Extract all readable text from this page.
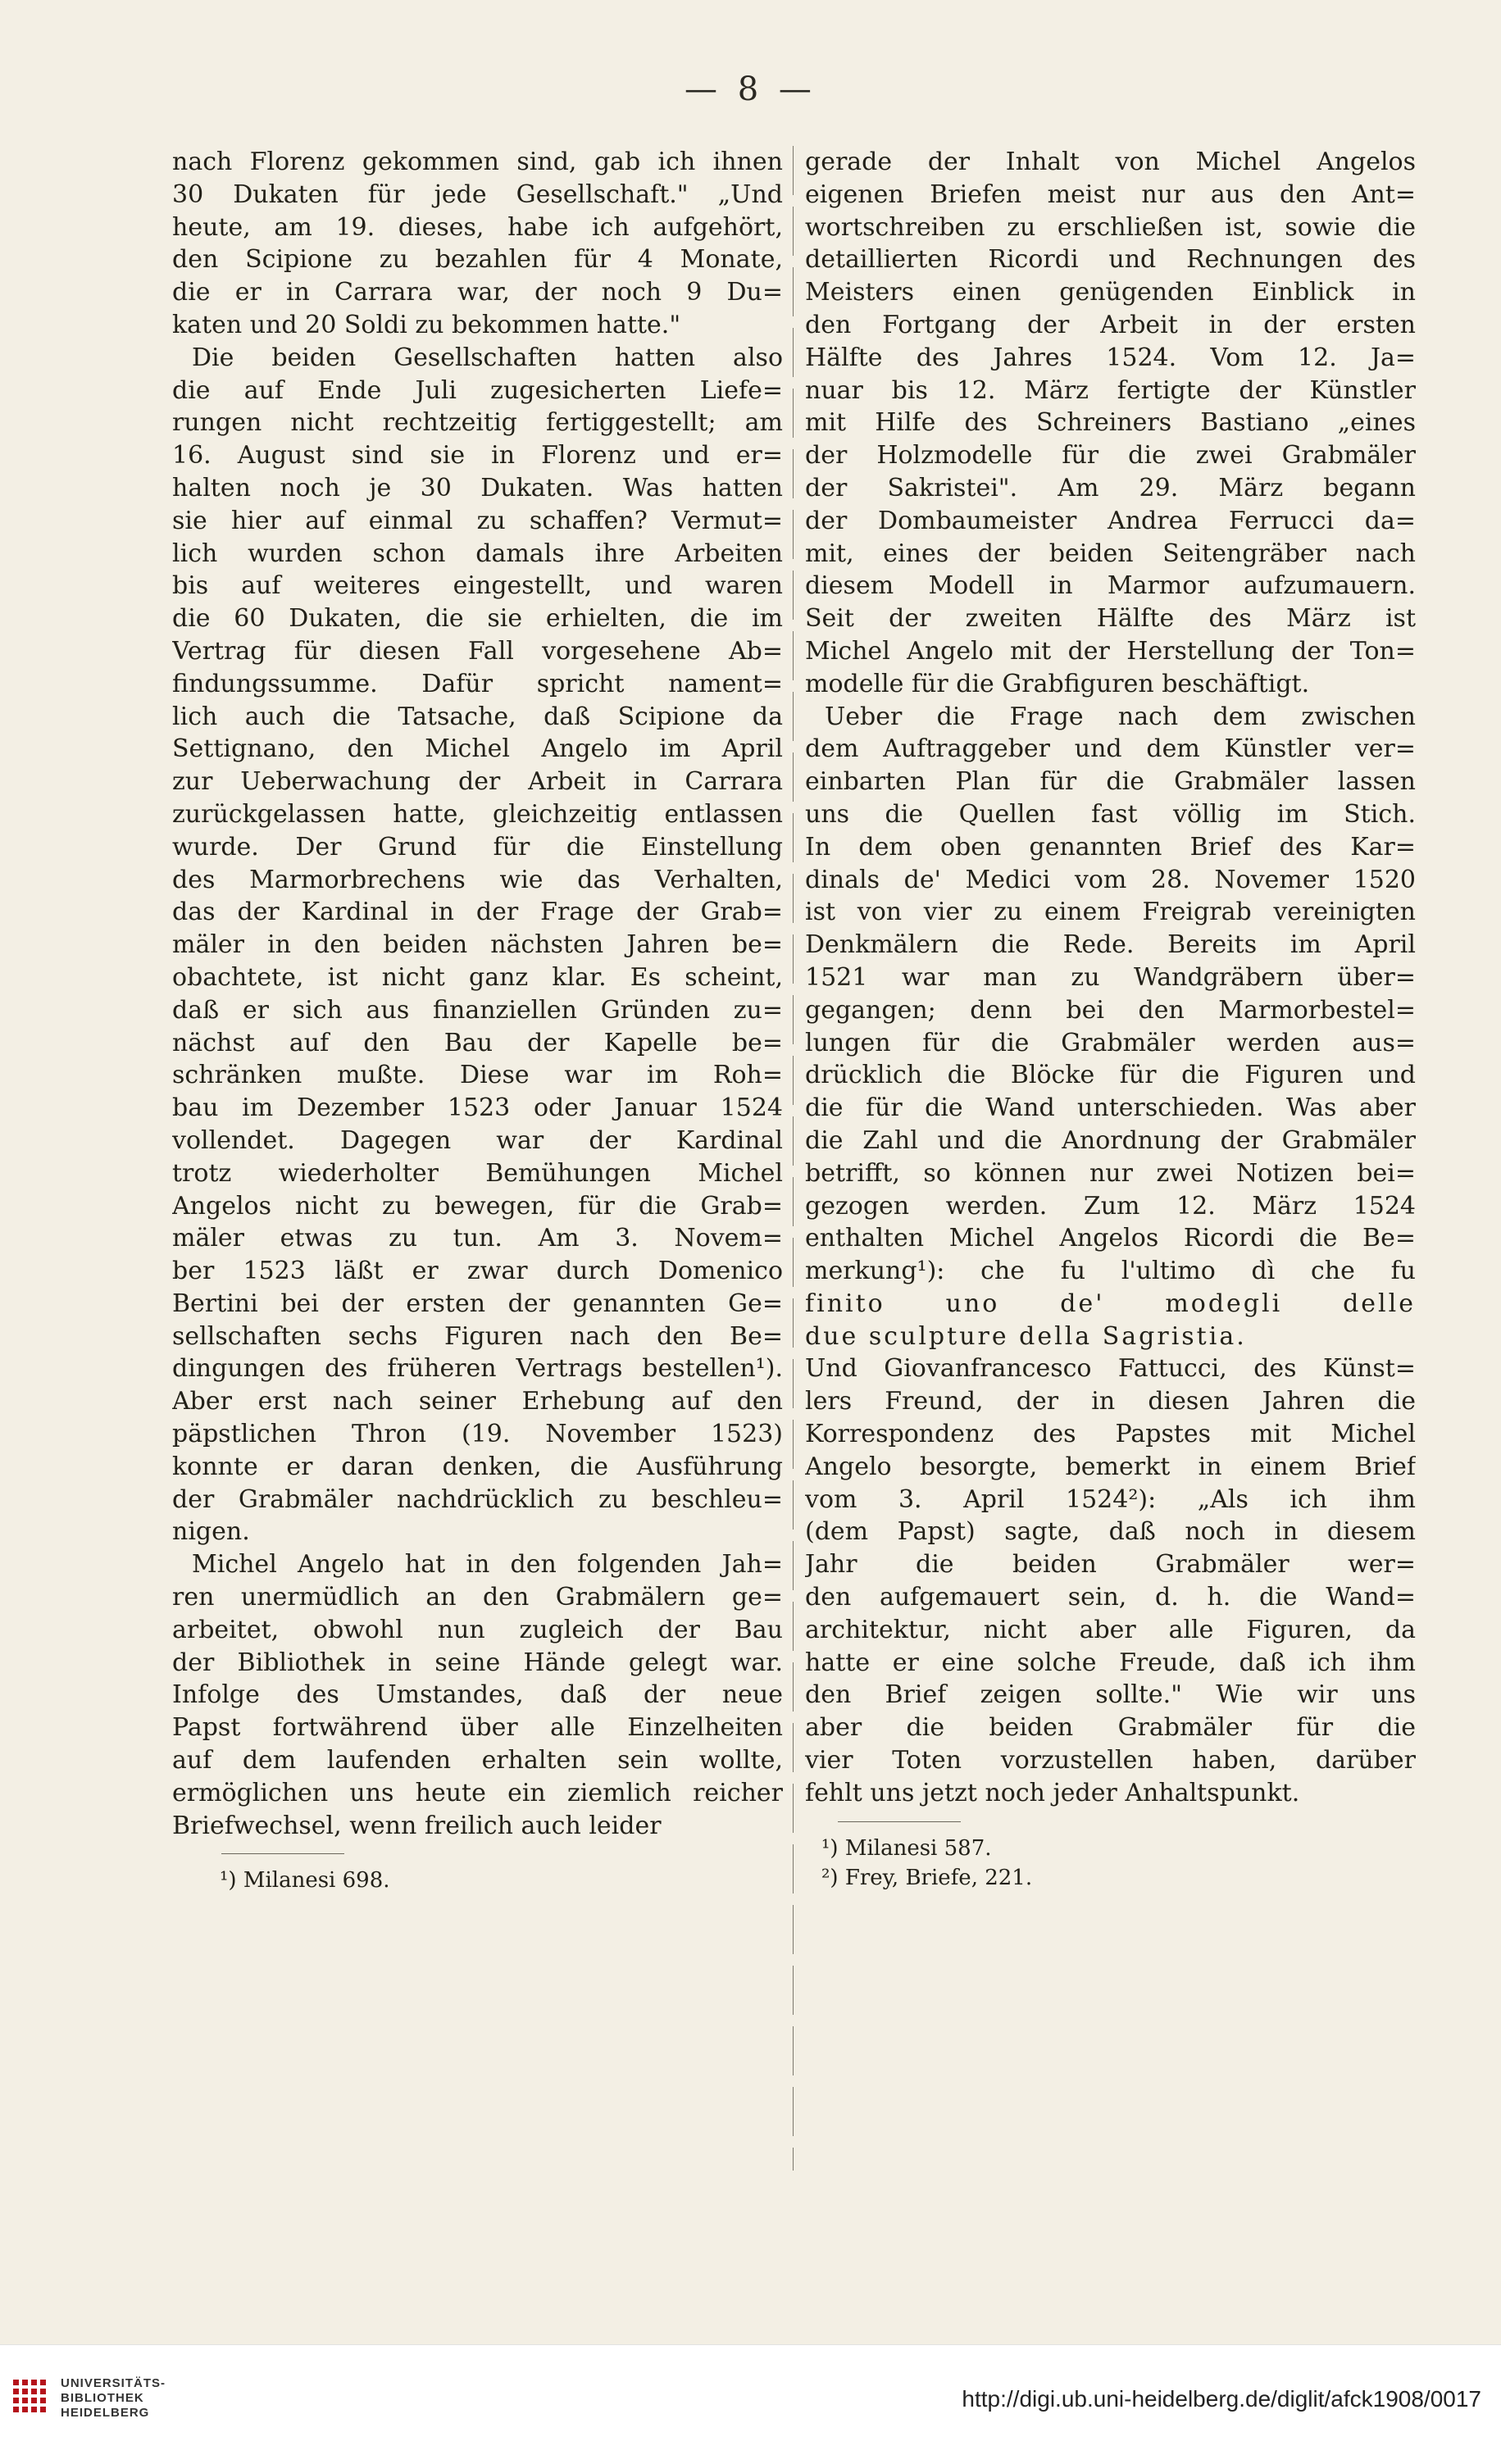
— 8 —
nach Florenz gekommen sind, gab ich ihnen
30 Dukaten für jede Gesellschaft." „Und
heute, am 19. dieses, habe ich aufgehört,
den Scipione zu bezahlen für 4 Monate,
die er in Carrara war, der noch 9 Du=
katen und 20 Soldi zu bekommen hatte."
Die beiden Gesellschaften hatten also
die auf Ende Juli zugesicherten Liefe=
rungen nicht rechtzeitig fertiggestellt; am
16. August sind sie in Florenz und er=
halten noch je 30 Dukaten. Was hatten
sie hier auf einmal zu schaffen? Vermut=
lich wurden schon damals ihre Arbeiten
bis auf weiteres eingestellt, und waren
die 60 Dukaten, die sie erhielten, die im
Vertrag für diesen Fall vorgesehene Ab=
findungssumme. Dafür spricht nament=
lich auch die Tatsache, daß Scipione da
Settignano, den Michel Angelo im April
zur Ueberwachung der Arbeit in Carrara
zurückgelassen hatte, gleichzeitig entlassen
wurde. Der Grund für die Einstellung
des Marmorbrechens wie das Verhalten,
das der Kardinal in der Frage der Grab=
mäler in den beiden nächsten Jahren be=
obachtete, ist nicht ganz klar. Es scheint,
daß er sich aus finanziellen Gründen zu=
nächst auf den Bau der Kapelle be=
schränken mußte. Diese war im Roh=
bau im Dezember 1523 oder Januar 1524
vollendet. Dagegen war der Kardinal
trotz wiederholter Bemühungen Michel
Angelos nicht zu bewegen, für die Grab=
mäler etwas zu tun. Am 3. Novem=
ber 1523 läßt er zwar durch Domenico
Bertini bei der ersten der genannten Ge=
sellschaften sechs Figuren nach den Be=
dingungen des früheren Vertrags bestellen¹).
Aber erst nach seiner Erhebung auf den
päpstlichen Thron (19. November 1523)
konnte er daran denken, die Ausführung
der Grabmäler nachdrücklich zu beschleu=
nigen.
Michel Angelo hat in den folgenden Jah=
ren unermüdlich an den Grabmälern ge=
arbeitet, obwohl nun zugleich der Bau
der Bibliothek in seine Hände gelegt war.
Infolge des Umstandes, daß der neue
Papst fortwährend über alle Einzelheiten
auf dem laufenden erhalten sein wollte,
ermöglichen uns heute ein ziemlich reicher
Briefwechsel, wenn freilich auch leider
¹) Milanesi 698.
gerade der Inhalt von Michel Angelos
eigenen Briefen meist nur aus den Ant=
wortschreiben zu erschließen ist, sowie die
detaillierten Ricordi und Rechnungen des
Meisters einen genügenden Einblick in
den Fortgang der Arbeit in der ersten
Hälfte des Jahres 1524. Vom 12. Ja=
nuar bis 12. März fertigte der Künstler
mit Hilfe des Schreiners Bastiano „eines
der Holzmodelle für die zwei Grabmäler
der Sakristei". Am 29. März begann
der Dombaumeister Andrea Ferrucci da=
mit, eines der beiden Seitengräber nach
diesem Modell in Marmor aufzumauern.
Seit der zweiten Hälfte des März ist
Michel Angelo mit der Herstellung der Ton=
modelle für die Grabfiguren beschäftigt.
Ueber die Frage nach dem zwischen
dem Auftraggeber und dem Künstler ver=
einbarten Plan für die Grabmäler lassen
uns die Quellen fast völlig im Stich.
In dem oben genannten Brief des Kar=
dinals de' Medici vom 28. Novemer 1520
ist von vier zu einem Freigrab vereinigten
Denkmälern die Rede. Bereits im April
1521 war man zu Wandgräbern über=
gegangen; denn bei den Marmorbestel=
lungen für die Grabmäler werden aus=
drücklich die Blöcke für die Figuren und
die für die Wand unterschieden. Was aber
die Zahl und die Anordnung der Grabmäler
betrifft, so können nur zwei Notizen bei=
gezogen werden. Zum 12. März 1524
enthalten Michel Angelos Ricordi die Be=
merkung¹): che fu l'ultimo dì che fu
finito uno de' modegli delle
due sculpture della Sagristia.
Und Giovanfrancesco Fattucci, des Künst=
lers Freund, der in diesen Jahren die
Korrespondenz des Papstes mit Michel
Angelo besorgte, bemerkt in einem Brief
vom 3. April 1524²): „Als ich ihm
(dem Papst) sagte, daß noch in diesem
Jahr die beiden Grabmäler wer=
den aufgemauert sein, d. h. die Wand=
architektur, nicht aber alle Figuren, da
hatte er eine solche Freude, daß ich ihm
den Brief zeigen sollte." Wie wir uns
aber die beiden Grabmäler für die
vier Toten vorzustellen haben, darüber
fehlt uns jetzt noch jeder Anhaltspunkt.
¹) Milanesi 587.
²) Frey, Briefe, 221.
UNIVERSITÄTS-
BIBLIOTHEK
HEIDELBERG
http://digi.ub.uni-heidelberg.de/diglit/afck1908/0017
